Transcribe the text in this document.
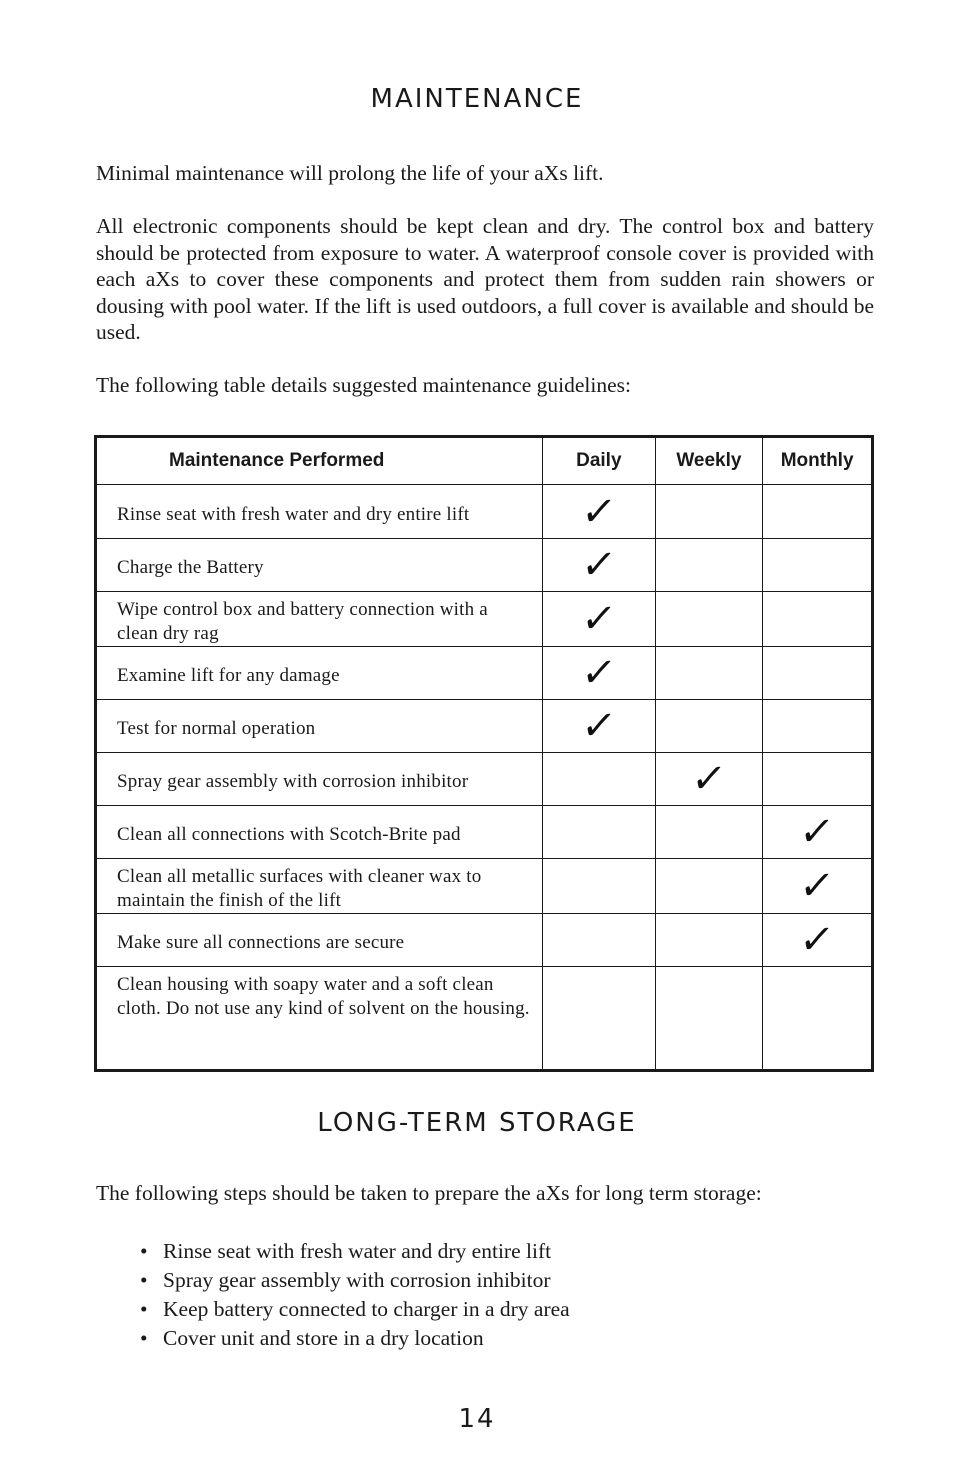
MAINTENANCE

Minimal maintenance will prolong the life of your aXs lift.

All electronic components should be kept clean and dry. The control box and battery should be protected from exposure to water. A waterproof console cover is provided with each aXs to cover these components and protect them from sudden rain showers or dousing with pool water. If the lift is used outdoors, a full cover is available and should be used.

The following table details suggested maintenance guidelines:

Maintenance Performed	Daily	Weekly	Monthly
Rinse seat with fresh water and dry entire lift	✓		
Charge the Battery	✓		
Wipe control box and battery connection with a clean dry rag	✓		
Examine lift for any damage	✓		
Test for normal operation	✓		
Spray gear assembly with corrosion inhibitor		✓	
Clean all connections with Scotch-Brite pad			✓
Clean all metallic surfaces with cleaner wax to maintain the finish of the lift			✓
Make sure all connections are secure			✓
Clean housing with soapy water and a soft clean cloth. Do not use any kind of solvent on the housing.			
LONG-TERM STORAGE

The following steps should be taken to prepare the aXs for long term storage:

• Rinse seat with fresh water and dry entire lift
• Spray gear assembly with corrosion inhibitor
• Keep battery connected to charger in a dry area
• Cover unit and store in a dry location
14
